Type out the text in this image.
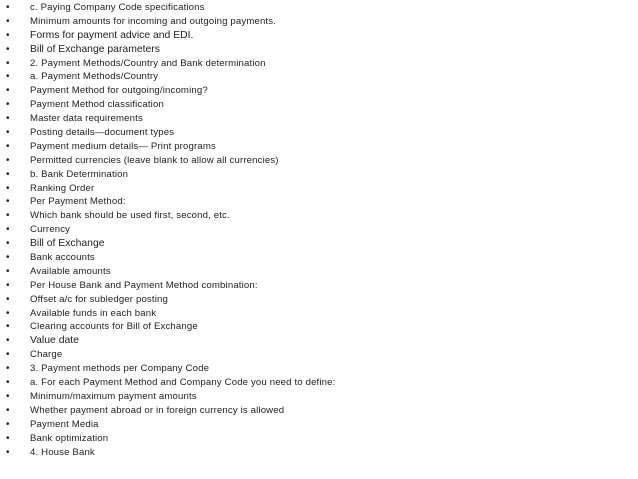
• c. Paying Company Code specifications
• Minimum amounts for incoming and outgoing payments.
• Forms for payment advice and EDI.
• Bill of Exchange parameters
• 2. Payment Methods/Country and Bank determination
• a. Payment Methods/Country
• Payment Method for outgoing/incoming?
• Payment Method classification
• Master data requirements
• Posting details—document types
• Payment medium details— Print programs
• Permitted currencies (leave blank to allow all currencies)
• b. Bank Determination
• Ranking Order
• Per Payment Method:
• Which bank should be used first, second, etc.
• Currency
• Bill of Exchange
• Bank accounts
• Available amounts
• Per House Bank and Payment Method combination:
• Offset a/c for subledger posting
• Available funds in each bank
• Clearing accounts for Bill of Exchange
• Value date
• Charge
• 3. Payment methods per Company Code
• a. For each Payment Method and Company Code you need to define:
• Minimum/maximum payment amounts
• Whether payment abroad or in foreign currency is allowed
• Payment Media
• Bank optimization
• 4. House Bank
